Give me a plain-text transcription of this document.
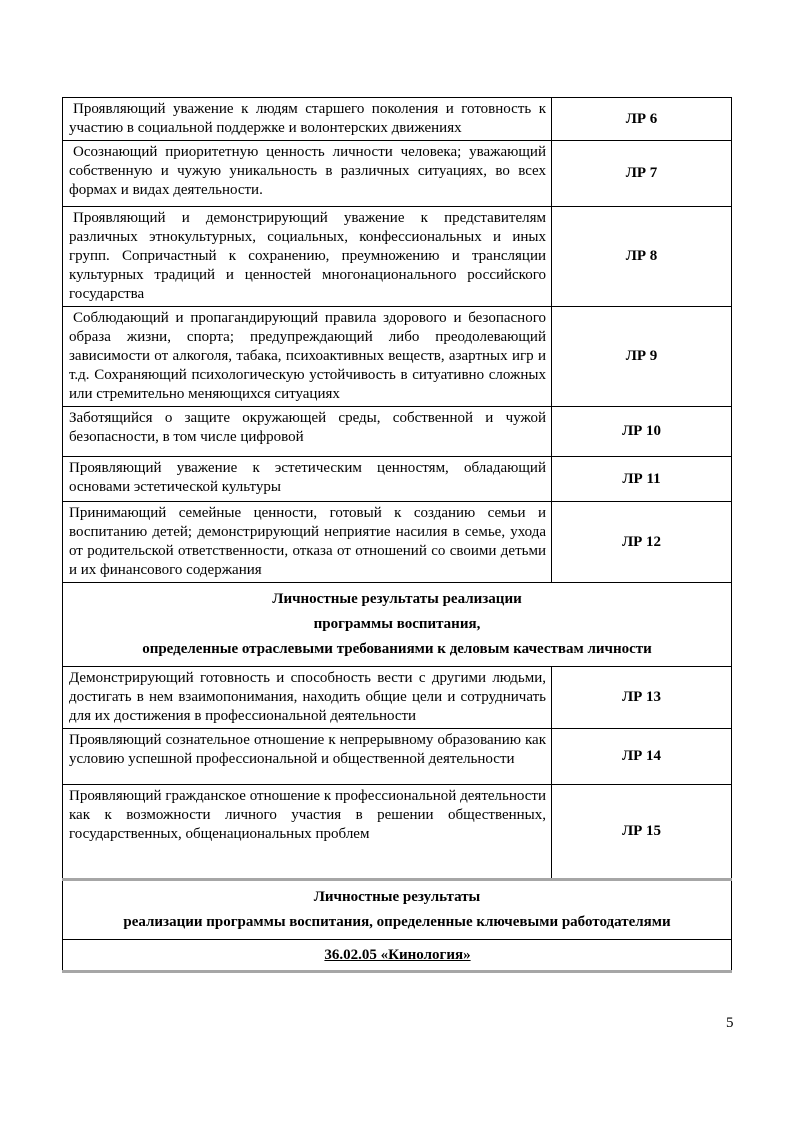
Проявляющий уважение к людям старшего поколения и готовность к участию в социальной поддержке и волонтерских движениях	ЛР 6
Осознающий приоритетную ценность личности человека; уважающий собственную и чужую уникальность в различных ситуациях, во всех формах и видах деятельности.	ЛР 7
Проявляющий и демонстрирующий уважение к представителям различных этнокультурных, социальных, конфессиональных и иных групп. Сопричастный к сохранению, преумножению и трансляции культурных традиций и ценностей многонационального российского государства	ЛР 8
Соблюдающий и пропагандирующий правила здорового и безопасного образа жизни, спорта; предупреждающий либо преодолевающий зависимости от алкоголя, табака, психоактивных веществ, азартных игр и т.д. Сохраняющий психологическую устойчивость в ситуативно сложных или стремительно меняющихся ситуациях	ЛР 9
Заботящийся о защите окружающей среды, собственной и чужой безопасности, в том числе цифровой	ЛР 10
Проявляющий уважение к эстетическим ценностям, обладающий основами эстетической культуры	ЛР 11
Принимающий семейные ценности, готовый к созданию семьи и воспитанию детей; демонстрирующий неприятие насилия в семье, ухода от родительской ответственности, отказа от отношений со своими детьми и их финансового содержания	ЛР 12

Личностные результаты реализации
программы воспитания,
определенные отраслевыми требованиями к деловым качествам личности	

Демонстрирующий готовность и способность вести с другими людьми, достигать в нем взаимопонимания, находить общие цели и сотрудничать для их достижения в профессиональной деятельности	ЛР 13
Проявляющий сознательное отношение к непрерывному образованию как условию успешной профессиональной и общественной деятельности	ЛР 14
Проявляющий гражданское отношение к профессиональной деятельности как к возможности личного участия в решении общественных, государственных, общенациональных проблем	ЛР 15

Личностные результаты
реализации программы воспитания, определенные ключевыми работодателями	

36.02.05 «Кинология»	
5
